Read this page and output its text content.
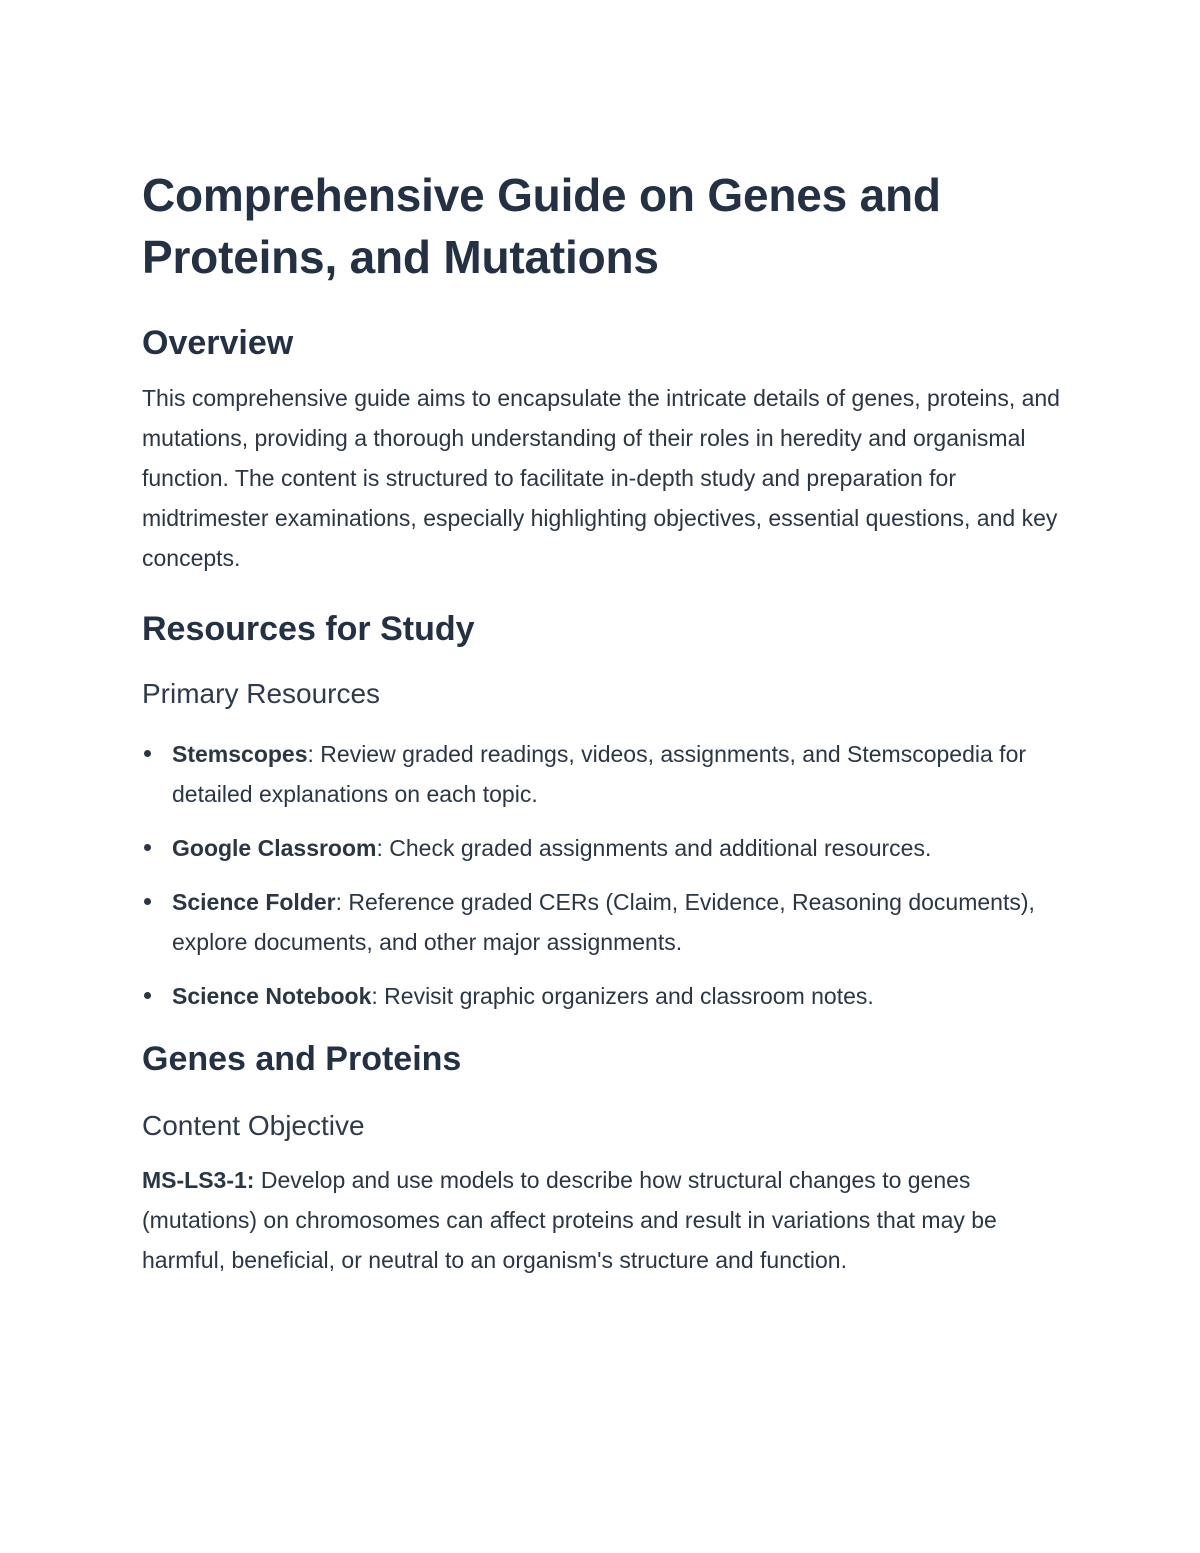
Comprehensive Guide on Genes and Proteins, and Mutations
Overview

This comprehensive guide aims to encapsulate the intricate details of genes, proteins, and mutations, providing a thorough understanding of their roles in heredity and organismal function. The content is structured to facilitate in-depth study and preparation for midtrimester examinations, especially highlighting objectives, essential questions, and key concepts.

Resources for Study
Primary Resources
Stemscopes: Review graded readings, videos, assignments, and Stemscopedia for detailed explanations on each topic.
Google Classroom: Check graded assignments and additional resources.
Science Folder: Reference graded CERs (Claim, Evidence, Reasoning documents), explore documents, and other major assignments.
Science Notebook: Revisit graphic organizers and classroom notes.
Genes and Proteins
Content Objective

MS-LS3-1: Develop and use models to describe how structural changes to genes (mutations) on chromosomes can affect proteins and result in variations that may be harmful, beneficial, or neutral to an organism's structure and function.
